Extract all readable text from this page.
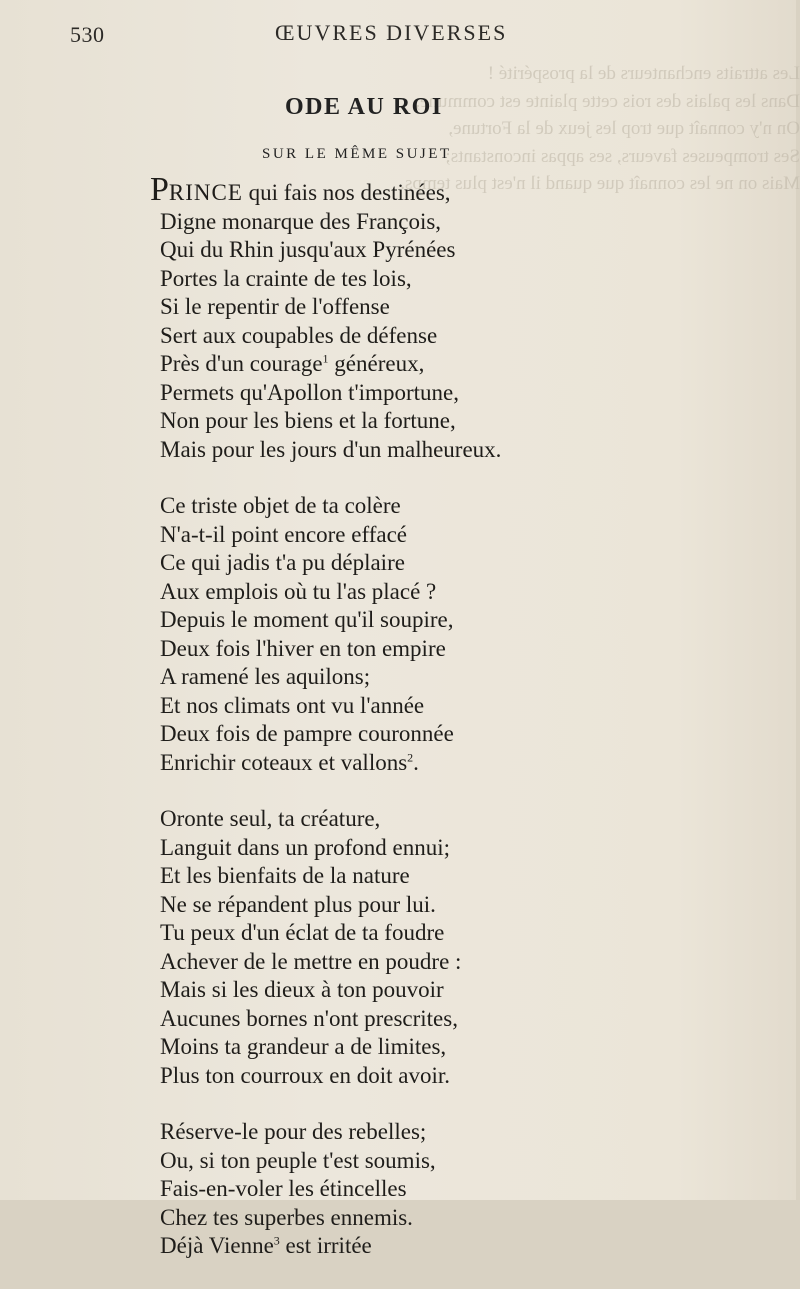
Les attraits enchanteurs de la prospérité !
Dans les palais des rois cette plainte est commune,
On n'y connaît que trop les jeux de la Fortune,
Ses trompeuses faveurs, ses appas inconstants;
Mais on ne les connaît que quand il n'est plus temps.
530	ŒUVRES DIVERSES
ODE AU ROI
SUR LE MÊME SUJET
PRINCE qui fais nos destinées,
Digne monarque des François,
Qui du Rhin jusqu'aux Pyrénées
Portes la crainte de tes lois,
Si le repentir de l'offense
Sert aux coupables de défense
Près d'un courage$^1$ généreux,
Permets qu'Apollon t'importune,
Non pour les biens et la fortune,
Mais pour les jours d'un malheureux.
Ce triste objet de ta colère
N'a-t-il point encore effacé
Ce qui jadis t'a pu déplaire
Aux emplois où tu l'as placé ?
Depuis le moment qu'il soupire,
Deux fois l'hiver en ton empire
A ramené les aquilons;
Et nos climats ont vu l'année
Deux fois de pampre couronnée
Enrichir coteaux et vallons$^2$.
Oronte seul, ta créature,
Languit dans un profond ennui;
Et les bienfaits de la nature
Ne se répandent plus pour lui.
Tu peux d'un éclat de ta foudre
Achever de le mettre en poudre :
Mais si les dieux à ton pouvoir
Aucunes bornes n'ont prescrites,
Moins ta grandeur a de limites,
Plus ton courroux en doit avoir.
Réserve-le pour des rebelles;
Ou, si ton peuple t'est soumis,
Fais-en-voler les étincelles
Chez tes superbes ennemis.
Déjà Vienne$^3$ est irritée
